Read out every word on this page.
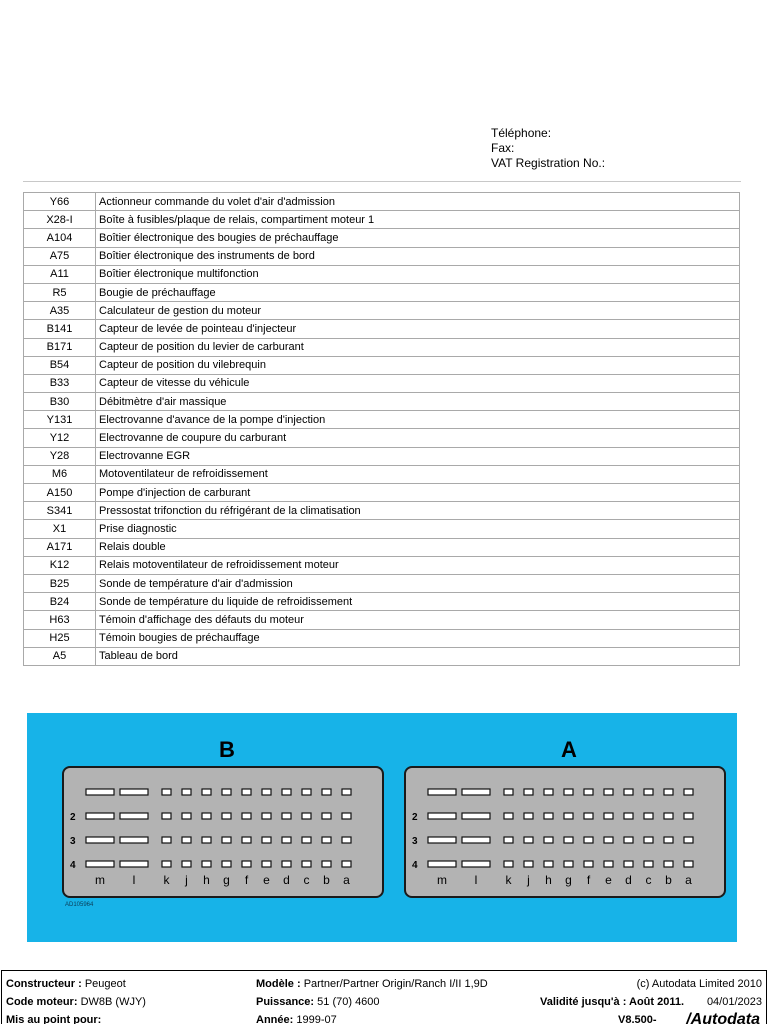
Téléphone:
Fax:
VAT Registration No.:
Y66	Actionneur commande du volet d'air d'admission
X28-I	Boîte à fusibles/plaque de relais, compartiment moteur 1
A104	Boîtier électronique des bougies de préchauffage
A75	Boîtier électronique des instruments de bord
A11	Boîtier électronique multifonction
R5	Bougie de préchauffage
A35	Calculateur de gestion du moteur
B141	Capteur de levée de pointeau d'injecteur
B171	Capteur de position du levier de carburant
B54	Capteur de position du vilebrequin
B33	Capteur de vitesse du véhicule
B30	Débitmètre d'air massique
Y131	Electrovanne d'avance de la pompe d'injection
Y12	Electrovanne de coupure du carburant
Y28	Electrovanne EGR
M6	Motoventilateur de refroidissement
A150	Pompe d'injection de carburant
S341	Pressostat trifonction du réfrigérant de la climatisation
X1	Prise diagnostic
A171	Relais double
K12	Relais motoventilateur de refroidissement moteur
B25	Sonde de température d'air d'admission
B24	Sonde de température du liquide de refroidissement
H63	Témoin d'affichage des défauts du moteur
H25	Témoin bougies de préchauffage
A5	Tableau de bord
B	A
2
3
4
m l k j h g f e d c b a
2
3
4
m l k j h g f e d c b a
AD105964
Constructeur : Peugeot	Modèle : Partner/Partner Origin/Ranch I/II 1,9D	(c) Autodata Limited 2010
Code moteur: DW8B (WJY)	Puissance: 51 (70) 4600	Validité jusqu'à : Août 2011. 04/01/2023
Mis au point pour:	Année: 1999-07	V8.500- /Autodata
